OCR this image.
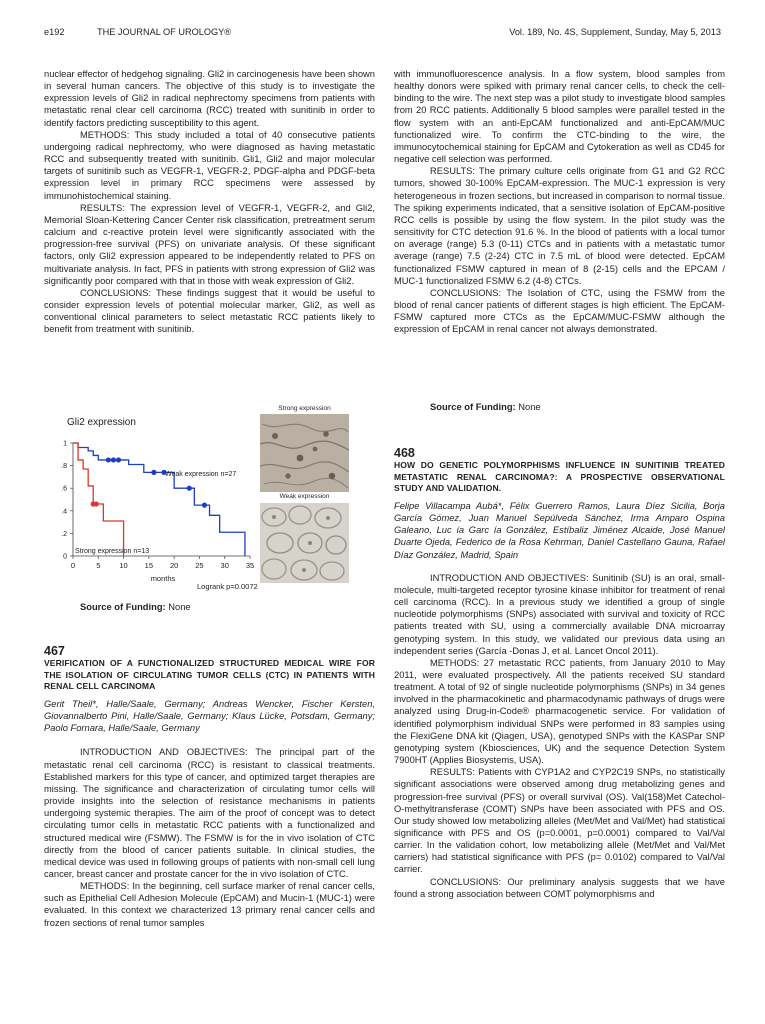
e192	THE JOURNAL OF UROLOGY®	Vol. 189, No. 4S, Supplement, Sunday, May 5, 2013

nuclear effector of hedgehog signaling. Gli2 in carcinogenesis have been shown in several human cancers. The objective of this study is to investigate the expression levels of Gli2 in radical nephrectomy specimens from patients with metastatic renal clear cell carcinoma (RCC) treated with sunitinib in order to identify factors predicting susceptibility to this agent.

METHODS: This study included a total of 40 consecutive patients undergoing radical nephrectomy, who were diagnosed as having metastatic RCC and subsequently treated with sunitinib. Gli1, Gli2 and major molecular targets of sunitinib such as VEGFR-1, VEGFR-2, PDGF-alpha and PDGF-beta expression level in primary RCC specimens were assessed by immunohistochemical staining.

RESULTS: The expression level of VEGFR-1, VEGFR-2, and Gli2, Memorial Sloan-Kettering Cancer Center risk classification, pretreatment serum calcium and c-reactive protein level were significantly associated with the progression-free survival (PFS) on univariate analysis. Of these significant factors, only Gli2 expression appeared to be independently related to PFS on multivariate analysis. In fact, PFS in patients with strong expression of Gli2 was significantly poor compared with that in those with weak expression of Gli2.

CONCLUSIONS: These findings suggest that it would be useful to consider expression levels of potential molecular marker, Gli2, as well as conventional clinical parameters to select metastatic RCC patients likely to benefit from treatment with sunitinib.

Gli2 expression
0	5	10 15 20 25 30 35
0
.2
.4
.6
.8
1
Weak expression n=27
Strong expression n=13
months
Logrank p=0.0072
Strong expression
Weak expression
Source of Funding: None

467

VERIFICATION OF A FUNCTIONALIZED STRUCTURED MEDICAL WIRE FOR THE ISOLATION OF CIRCULATING TUMOR CELLS (CTC) IN PATIENTS WITH RENAL CELL CARCINOMA

Gerit Theil*, Halle/Saale, Germany; Andreas Wencker, Fischer Kersten, Giovannalberto Pini, Halle/Saale, Germany; Klaus Lücke, Potsdam, Germany; Paolo Fornara, Halle/Saale, Germany

INTRODUCTION AND OBJECTIVES: The principal part of the metastatic renal cell carcinoma (RCC) is resistant to classical treatments. Established markers for this type of cancer, and optimized target therapies are missing. The significance and characterization of circulating tumor cells will provide insights into the selection of resistance mechanisms in patients undergoing systemic therapies. The aim of the proof of concept was to detect circulating tumor cells in metastatic RCC patients with a functionalized and structured medical wire (FSMW). The FSMW is for the in vivo isolation of CTC directly from the blood of cancer patients suitable. In clinical studies, the medical device was used in following groups of patients with non-small cell lung cancer, breast cancer and prostate cancer for the in vivo isolation of CTC.

METHODS: In the beginning, cell surface marker of renal cancer cells, such as Epithelial Cell Adhesion Molecule (EpCAM) and Mucin-1 (MUC-1) were evaluated. In this context we characterized 13 primary renal cancer cells and frozen sections of renal tumor samples

with immunofluorescence analysis. In a flow system, blood samples from healthy donors were spiked with primary renal cancer cells, to check the cell-binding to the wire. The next step was a pilot study to investigate blood samples from 20 RCC patients. Additionally 5 blood samples were parallel tested in the flow system with an anti-EpCAM functionalized and anti-EpCAM/MUC functionalized wire. To confirm the CTC-binding to the wire, the immunocytochemical staining for EpCAM and Cytokeration as well as CD45 for negative cell selection was performed.

RESULTS: The primary culture cells originate from G1 and G2 RCC tumors, showed 30-100% EpCAM-expression. The MUC-1 expression is very heterogeneous in frozen sections, but increased in comparison to normal tissue. The spiking experiments indicated, that a sensitive isolation of EpCAM-positive RCC cells is possible by using the flow system. In the pilot study was the sensitivity for CTC detection 91.6 %. In the blood of patients with a local tumor on average (range) 5.3 (0-11) CTCs and in patients with a metastatic tumor average (range) 7.5 (2-24) CTC in 7.5 mL of blood were detected. EpCAM functionalized FSMW captured in mean of 8 (2-15) cells and the EPCAM / MUC-1 functionalized FSMW 6.2 (4-8) CTCs.

CONCLUSIONS: The Isolation of CTC, using the FSMW from the blood of renal cancer patients of different stages is high efficient. The EpCAM-FSMW captured more CTCs as the EpCAM/MUC-FSMW although the expression of EpCAM in renal cancer not always demonstrated.

Source of Funding: None

468

HOW DO GENETIC POLYMORPHISMS INFLUENCE IN SUNITINIB TREATED METASTATIC RENAL CARCINOMA?: A PROSPECTIVE OBSERVATIONAL STUDY AND VALIDATION.

Felipe Villacampa Aubá*, Félix Guerrero Ramos, Laura Díez Sicilia, Borja García Gómez, Juan Manuel Sepúlveda Sánchez, Irma Amparo Ospina Galeano, Luc ía Garc ía González, Estíbaliz Jiménez Alcaide, José Manuel Duarte Ojeda, Federico de la Rosa Kehrman, Daniel Castellano Gauna, Rafael Díaz González, Madrid, Spain

INTRODUCTION AND OBJECTIVES: Sunitinib (SU) is an oral, small-molecule, multi-targeted receptor tyrosine kinase inhibitor for treatment of renal cell carcinoma (RCC). In a previous study we identified a group of single nucleotide polymorphisms (SNPs) associated with survival and toxicity of RCC patients treated with SU, using a commercially available DNA microarray genotyping system. In this study, we validated our previous data using an independent series (García -Donas J, et al. Lancet Oncol 2011).

METHODS: 27 metastatic RCC patients, from January 2010 to May 2011, were evaluated prospectively. All the patients received SU standard treatment. A total of 92 of single nucleotide polymorphisms (SNPs) in 34 genes involved in the pharmacokinetic and pharmacodynamic pathways of drugs were analyzed using Drug-in-Code® pharmacogenetic service. For validation of identified polymorphism individual SNPs were performed in 83 samples using the FlexiGene DNA kit (Qiagen, USA), genotyped SNPs with the KASPar SNP genotyping system (Kbiosciences, UK) and the sequence Detection System 7900HT (Applies Biosystems, USA).

RESULTS: Patients with CYP1A2 and CYP2C19 SNPs, no statistically significant associations were observed among drug metabolizing genes and progression-free survival (PFS) or overall survival (OS). Val(158)Met Catechol-O-methyltransferase (COMT) SNPs have been associated with PFS and OS. Our study showed low metabolizing alleles (Met/Met and Val/Met) had statistical significance with PFS and OS (p=0.0001, p=0.0001) compared to Val/Val carrier. In the validation cohort, low metabolizing allele (Met/Met and Val/Met carriers) had statistical significance with PFS (p= 0.0102) compared to Val/Val carrier.

CONCLUSIONS: Our preliminary analysis suggests that we have found a strong association between COMT polymorphisms and
